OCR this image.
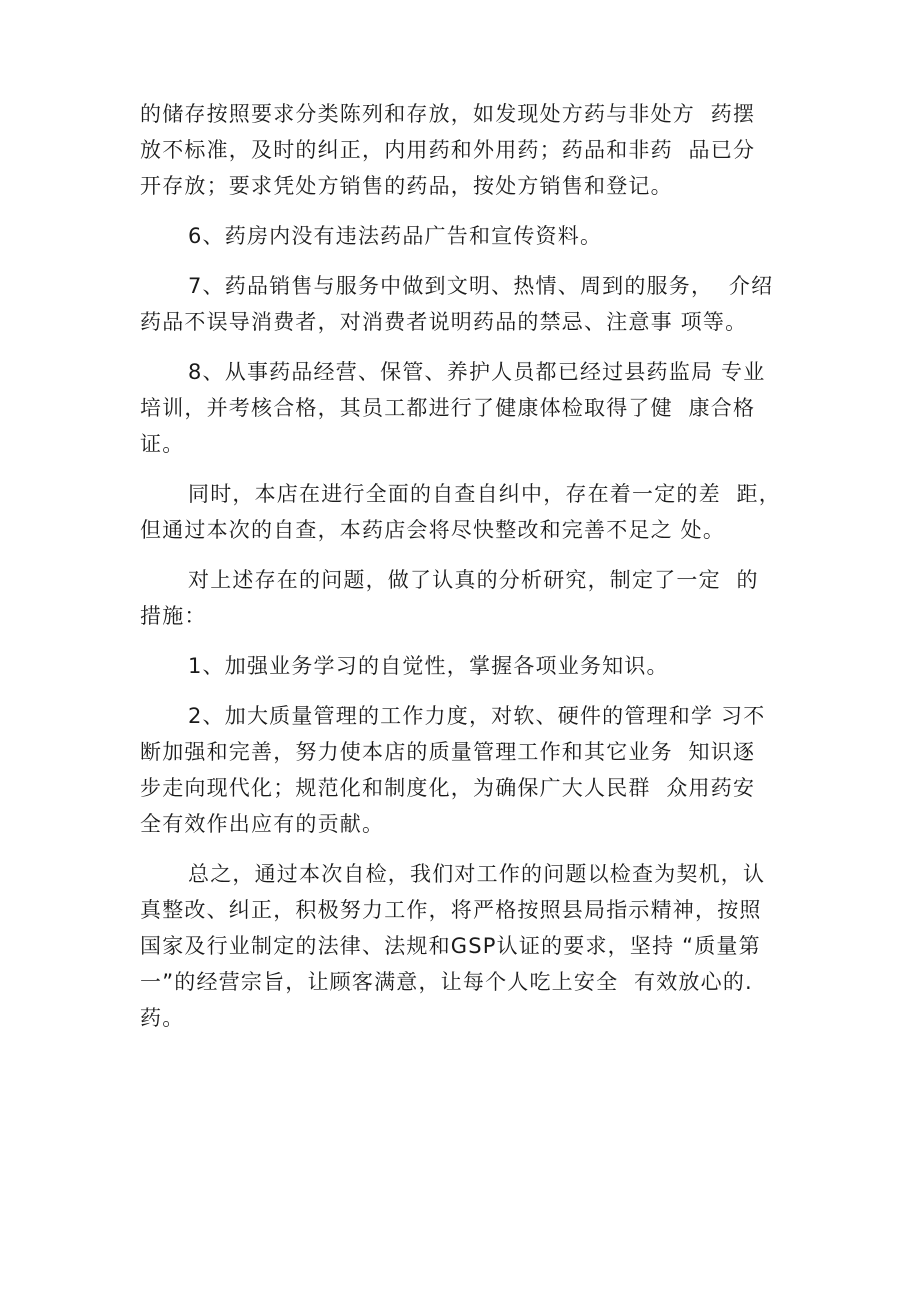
的储存按照要求分类陈列和存放，如发现处方药与非处方  药摆
放不标准，及时的纠正，内用药和外用药；药品和非药  品已分
开存放；要求凭处方销售的药品，按处方销售和登记。
6、药房内没有违法药品广告和宣传资料。
7、药品销售与服务中做到文明、热情、周到的服务，  介绍
药品不误导消费者，对消费者说明药品的禁忌、注意事 项等。
8、从事药品经营、保管、养护人员都已经过县药监局 专业
培训，并考核合格，其员工都进行了健康体检取得了健  康合格
证。
同时，本店在进行全面的自查自纠中，存在着一定的差  距，
但通过本次的自查，本药店会将尽快整改和完善不足之 处。
对上述存在的问题，做了认真的分析研究，制定了一定  的
措施：
1、加强业务学习的自觉性，掌握各项业务知识。
2、加大质量管理的工作力度，对软、硬件的管理和学 习不
断加强和完善，努力使本店的质量管理工作和其它业务  知识逐
步走向现代化；规范化和制度化，为确保广大人民群  众用药安
全有效作出应有的贡献。
总之，通过本次自检，我们对工作的问题以检查为契机，认
真整改、纠正，积极努力工作，将严格按照县局指示精神，按照
国家及行业制定的法律、法规和GSP认证的要求，坚持 “质量第
一”的经营宗旨，让顾客满意，让每个人吃上安全  有效放心的.
药。
